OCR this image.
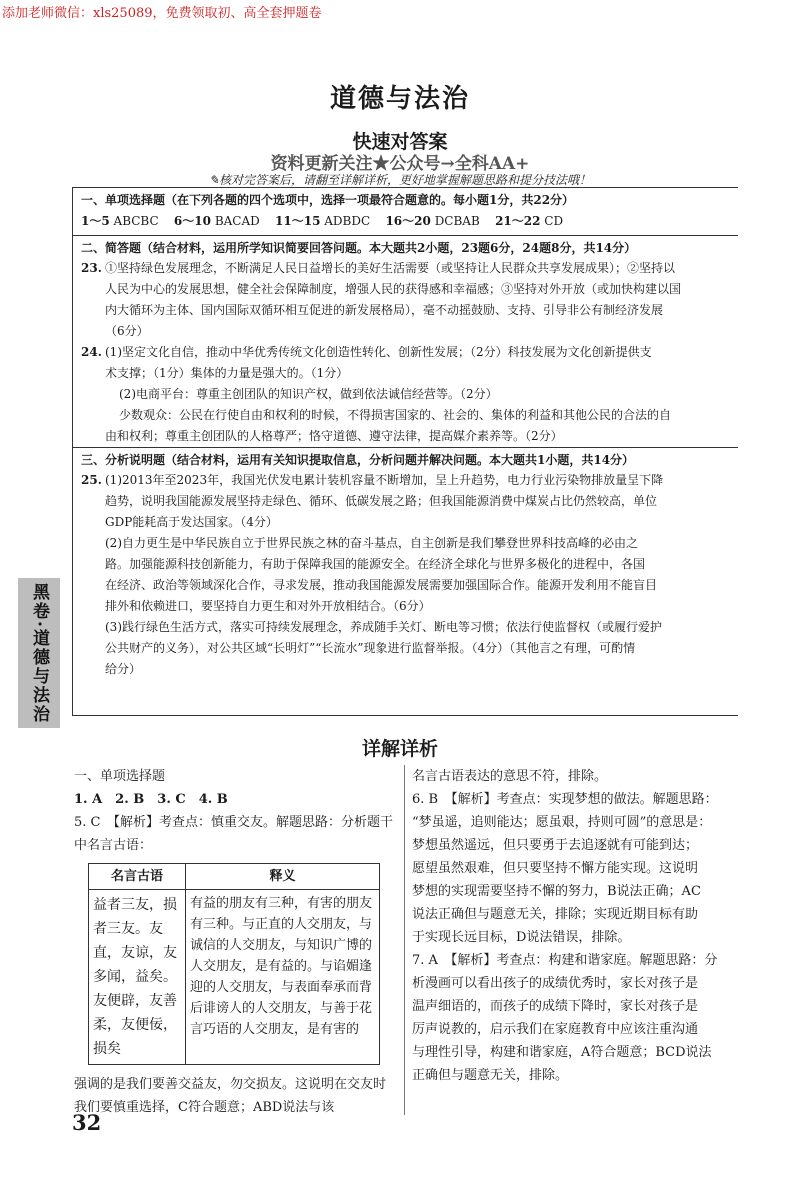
添加老师微信：xls25089，免费领取初、高全套押题卷
道德与法治
快速对答案
资料更新关注★公众号→全科AA+
✎核对完答案后，请翻至详解详析，更好地掌握解题思路和提分技法哦！
一、单项选择题（在下列各题的四个选项中，选择一项最符合题意的。每小题1分，共22分）
1～5 ABCBC 6～10 BACAD 11～15 ADBDC 16～20 DCBAB 21～22 CD
二、简答题（结合材料，运用所学知识简要回答问题。本大题共2小题，23题6分，24题8分，共14分）
23. ①坚持绿色发展理念，不断满足人民日益增长的美好生活需要（或坚持让人民群众共享发展成果）；②坚持以
人民为中心的发展思想，健全社会保障制度，增强人民的获得感和幸福感；③坚持对外开放（或加快构建以国
内大循环为主体、国内国际双循环相互促进的新发展格局），毫不动摇鼓励、支持、引导非公有制经济发展
（6分）
24. (1)坚定文化自信，推动中华优秀传统文化创造性转化、创新性发展；（2分）科技发展为文化创新提供支
术支撑；（1分）集体的力量是强大的。（1分）
(2)电商平台：尊重主创团队的知识产权，做到依法诚信经营等。（2分）
少数观众：公民在行使自由和权利的时候，不得损害国家的、社会的、集体的利益和其他公民的合法的自
由和权利；尊重主创团队的人格尊严；恪守道德、遵守法律，提高媒介素养等。（2分）
三、分析说明题（结合材料，运用有关知识提取信息，分析问题并解决问题。本大题共1小题，共14分）
25. (1)2013年至2023年，我国光伏发电累计装机容量不断增加，呈上升趋势，电力行业污染物排放量呈下降
趋势，说明我国能源发展坚持走绿色、循环、低碳发展之路；但我国能源消费中煤炭占比仍然较高，单位
GDP能耗高于发达国家。（4分）
(2)自力更生是中华民族自立于世界民族之林的奋斗基点，自主创新是我们攀登世界科技高峰的必由之
路。加强能源科技创新能力，有助于保障我国的能源安全。在经济全球化与世界多极化的进程中，各国
在经济、政治等领域深化合作，寻求发展，推动我国能源发展需要加强国际合作。能源开发利用不能盲目
排外和依赖进口，要坚持自力更生和对外开放相结合。（6分）
(3)践行绿色生活方式，落实可持续发展理念，养成随手关灯、断电等习惯；依法行使监督权（或履行爱护
公共财产的义务），对公共区域“长明灯”“长流水”现象进行监督举报。（4分）（其他言之有理，可酌情
给分）
黑卷·道德与法治
详解详析
一、单项选择题
1. A　2. B　3. C　4. B
5. C　【解析】考查点：慎重交友。解题思路：分析题干中名言古语：
名言古语	释义
益者三友，损者三友。友直，友谅，友多闻，益矣。友便辟，友善柔，友便佞，损矣	有益的朋友有三种，有害的朋友有三种。与正直的人交朋友，与诚信的人交朋友，与知识广博的人交朋友，是有益的。与谄媚逢迎的人交朋友，与表面奉承而背后诽谤人的人交朋友，与善于花言巧语的人交朋友，是有害的
强调的是我们要善交益友，勿交损友。这说明在交友时我们要慎重选择，C符合题意；ABD说法与该
名言古语表达的意思不符，排除。
6. B　【解析】考查点：实现梦想的做法。解题思路：
“梦虽遥，追则能达；愿虽艰，持则可圆”的意思是：
梦想虽然遥远，但只要勇于去追逐就有可能到达；
愿望虽然艰难，但只要坚持不懈方能实现。这说明
梦想的实现需要坚持不懈的努力，B说法正确；AC
说法正确但与题意无关，排除；实现近期目标有助
于实现长远目标，D说法错误，排除。
7. A　【解析】考查点：构建和谐家庭。解题思路：分
析漫画可以看出孩子的成绩优秀时，家长对孩子是
温声细语的，而孩子的成绩下降时，家长对孩子是
厉声说教的，启示我们在家庭教育中应该注重沟通
与理性引导，构建和谐家庭，A符合题意；BCD说法
正确但与题意无关，排除。
32
